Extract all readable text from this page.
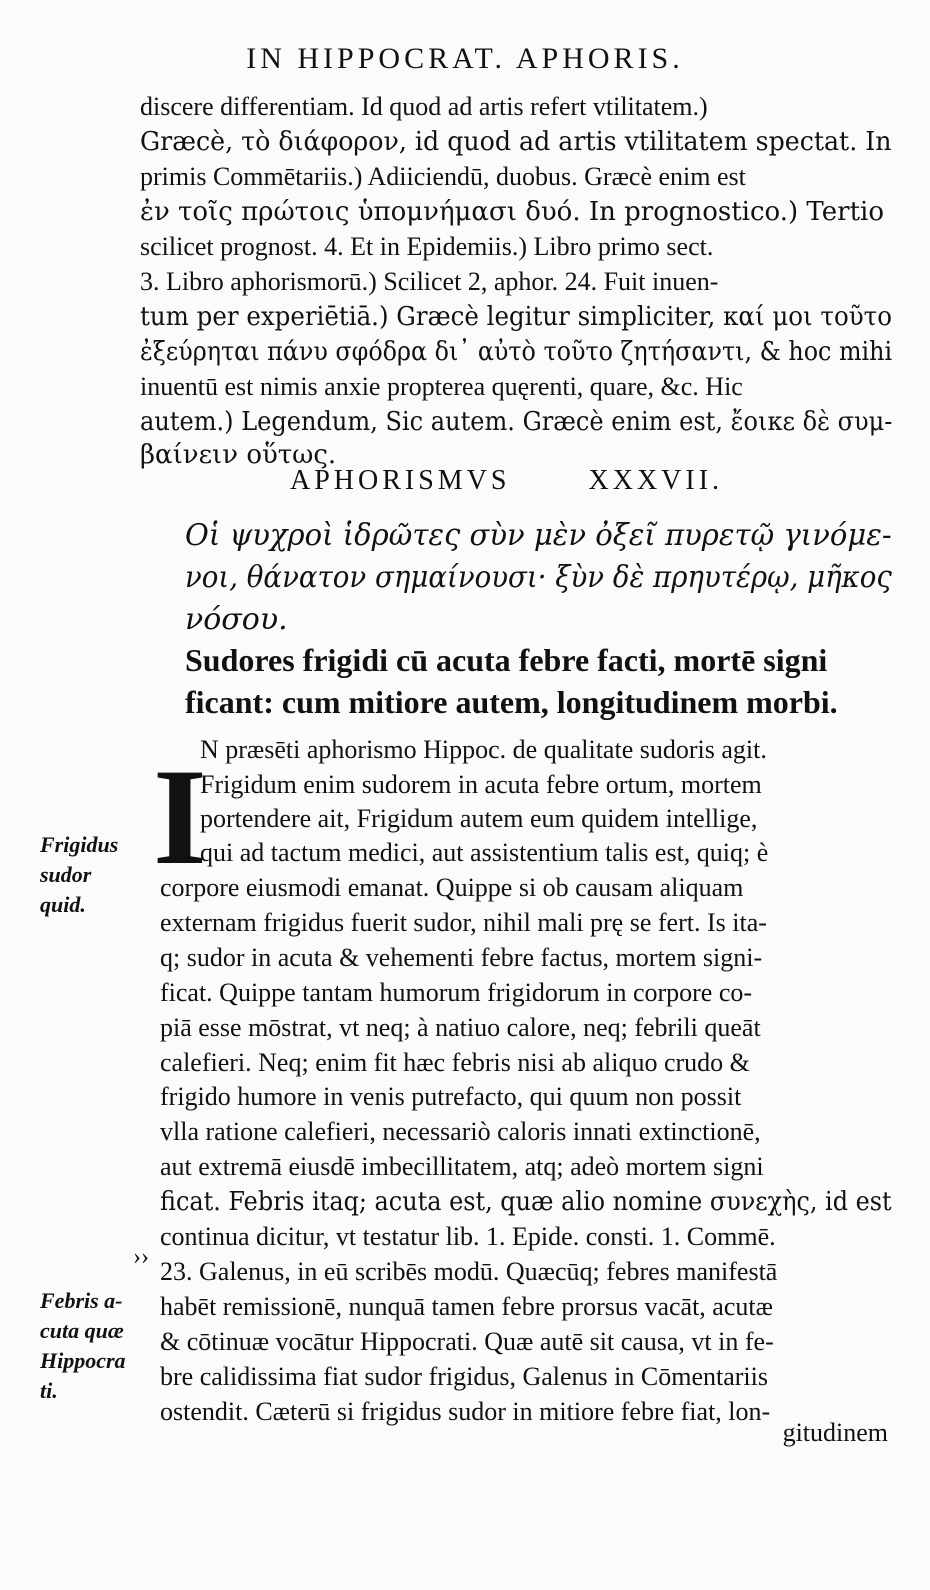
IN HIPPOCRAT. APHORIS.
discere differentiam. Id quod ad artis refert vtilitatem.)
Græcè, τὸ διάφορον, id quod ad artis vtilitatem spectat. In
primis Commētariis.) Adiiciendū, duobus. Græcè enim est
ἐν τοῖς πρώτοις ὑπομνήμασι δυό. In prognostico.) Tertio
scilicet prognost. 4. Et in Epidemiis.) Libro primo sect.
3. Libro aphorismorū.) Scilicet 2, aphor. 24. Fuit inuen-
tum per experiētiā.) Græcè legitur simpliciter, καί μοι τοῦτο
ἐξεύρηται πάνυ σφόδρα δι᾽ αὐτὸ τοῦτο ζητήσαντι, & hoc mihi
inuentū est nimis anxie propterea quęrenti, quare, &c. Hic
autem.) Legendum, Sic autem. Græcè enim est, ἔοικε δὲ συμ-
βαίνειν οὕτως.
APHORISMVS	XXXVII.
Οἱ ψυχροὶ ἱδρῶτες σὺν μὲν ὀξεῖ πυρετῷ γινόμε-
νοι, θάνατον σημαίνουσι· ξὺν δὲ πρηυτέρῳ, μῆκος
νόσου.
Sudores frigidi cū acuta febre facti, mortē signi
ficant: cum mitiore autem, longitudinem morbi.
I
N præsēti aphorismo Hippoc. de qualitate sudoris agit.
Frigidum enim sudorem in acuta febre ortum, mortem
portendere ait, Frigidum autem eum quidem intellige,
qui ad tactum medici, aut assistentium talis est, quiq; è
corpore eiusmodi emanat. Quippe si ob causam aliquam
externam frigidus fuerit sudor, nihil mali prę se fert. Is ita-
q; sudor in acuta & vehementi febre factus, mortem signi-
ficat. Quippe tantam humorum frigidorum in corpore co-
piā esse mōstrat, vt neq; à natiuo calore, neq; febrili queāt
calefieri. Neq; enim fit hæc febris nisi ab aliquo crudo &
frigido humore in venis putrefacto, qui quum non possit
vlla ratione calefieri, necessariò caloris innati extinctionē,
aut extremā eiusdē imbecillitatem, atq; adeò mortem signi
ficat. Febris itaq; acuta est, quæ alio nomine συνεχὴς, id est
continua dicitur, vt testatur lib. 1. Epide. consti. 1. Commē.
23. Galenus, in eū scribēs modū. Quæcūq; febres manifestā
habēt remissionē, nunquā tamen febre prorsus vacāt, acutæ
& cōtinuæ vocātur Hippocrati. Quæ autē sit causa, vt in fe-
bre calidissima fiat sudor frigidus, Galenus in Cōmentariis
ostendit. Cæterū si frigidus sudor in mitiore febre fiat, lon-
››
gitudinem
Frigidus
sudor
quid.
Febris a-
cuta quæ
Hippocra
ti.
